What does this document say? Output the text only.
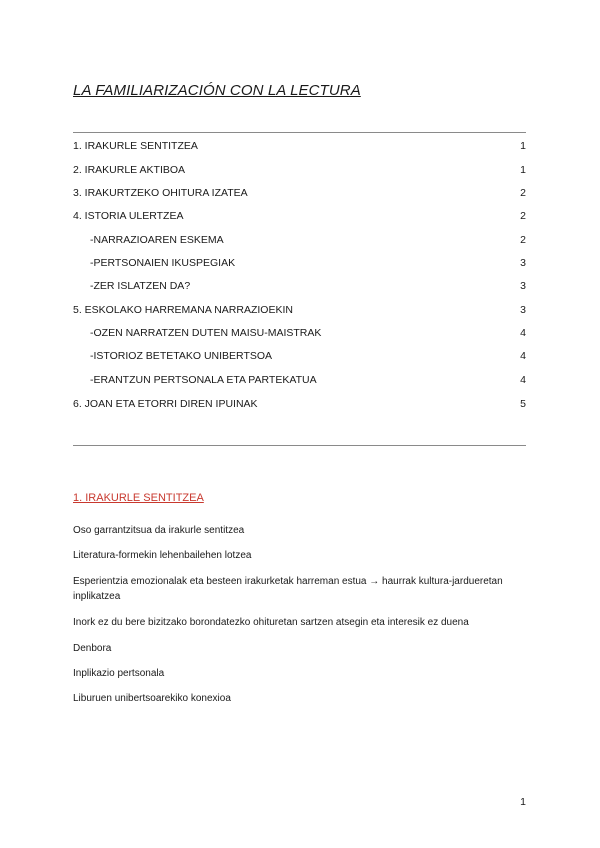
LA FAMILIARIZACIÓN CON LA LECTURA
1. IRAKURLE SENTITZEA	1
2. IRAKURLE AKTIBOA	1
3. IRAKURTZEKO OHITURA IZATEA	2
4. ISTORIA ULERTZEA	2
-NARRAZIOAREN ESKEMA	2
-PERTSONAIEN IKUSPEGIAK	3
-ZER ISLATZEN DA?	3
5. ESKOLAKO HARREMANA NARRAZIOEKIN	3
-OZEN NARRATZEN DUTEN MAISU-MAISTRAK	4
-ISTORIOZ BETETAKO UNIBERTSOA	4
-ERANTZUN PERTSONALA ETA PARTEKATUA	4
6. JOAN ETA ETORRI DIREN IPUINAK	5
1. IRAKURLE SENTITZEA
Oso garrantzitsua da irakurle sentitzea
Literatura-formekin lehenbailehen lotzea
Esperientzia emozionalak eta besteen irakurketak harreman estua → haurrak kultura-jardueretan inplikatzea
Inork ez du bere bizitzako borondatezko ohituretan sartzen atsegin eta interesik ez duena
Denbora
Inplikazio pertsonala
Liburuen unibertsoarekiko konexioa
1
